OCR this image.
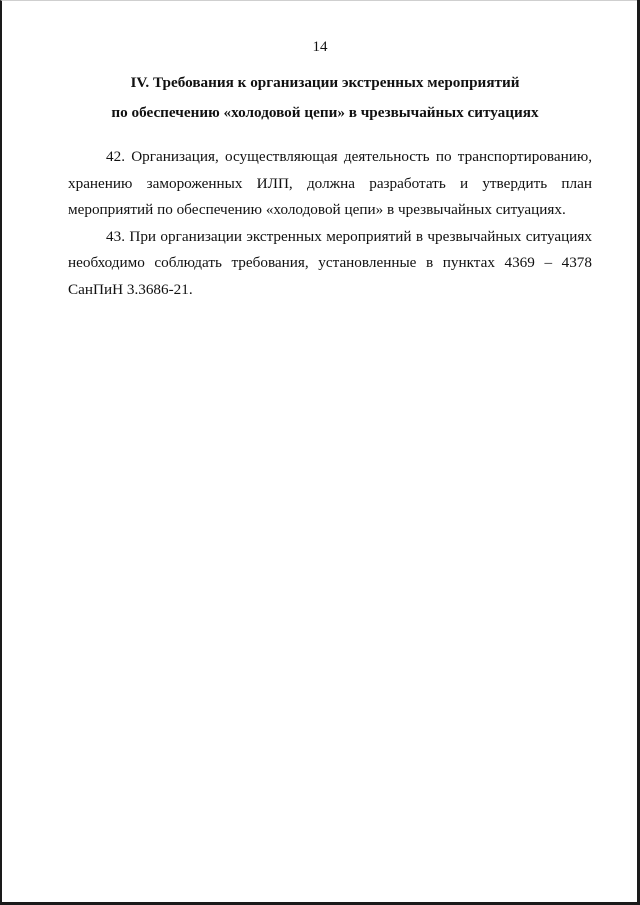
14
IV. Требования к организации экстренных мероприятий
по обеспечению «холодовой цепи» в чрезвычайных ситуациях

42. Организация, осуществляющая деятельность по транспортированию, хранению замороженных ИЛП, должна разработать и утвердить план мероприятий по обеспечению «холодовой цепи» в чрезвычайных ситуациях.

43. При организации экстренных мероприятий в чрезвычайных ситуациях необходимо соблюдать требования, установленные в пунктах 4369 – 4378 СанПиН 3.3686-21.
